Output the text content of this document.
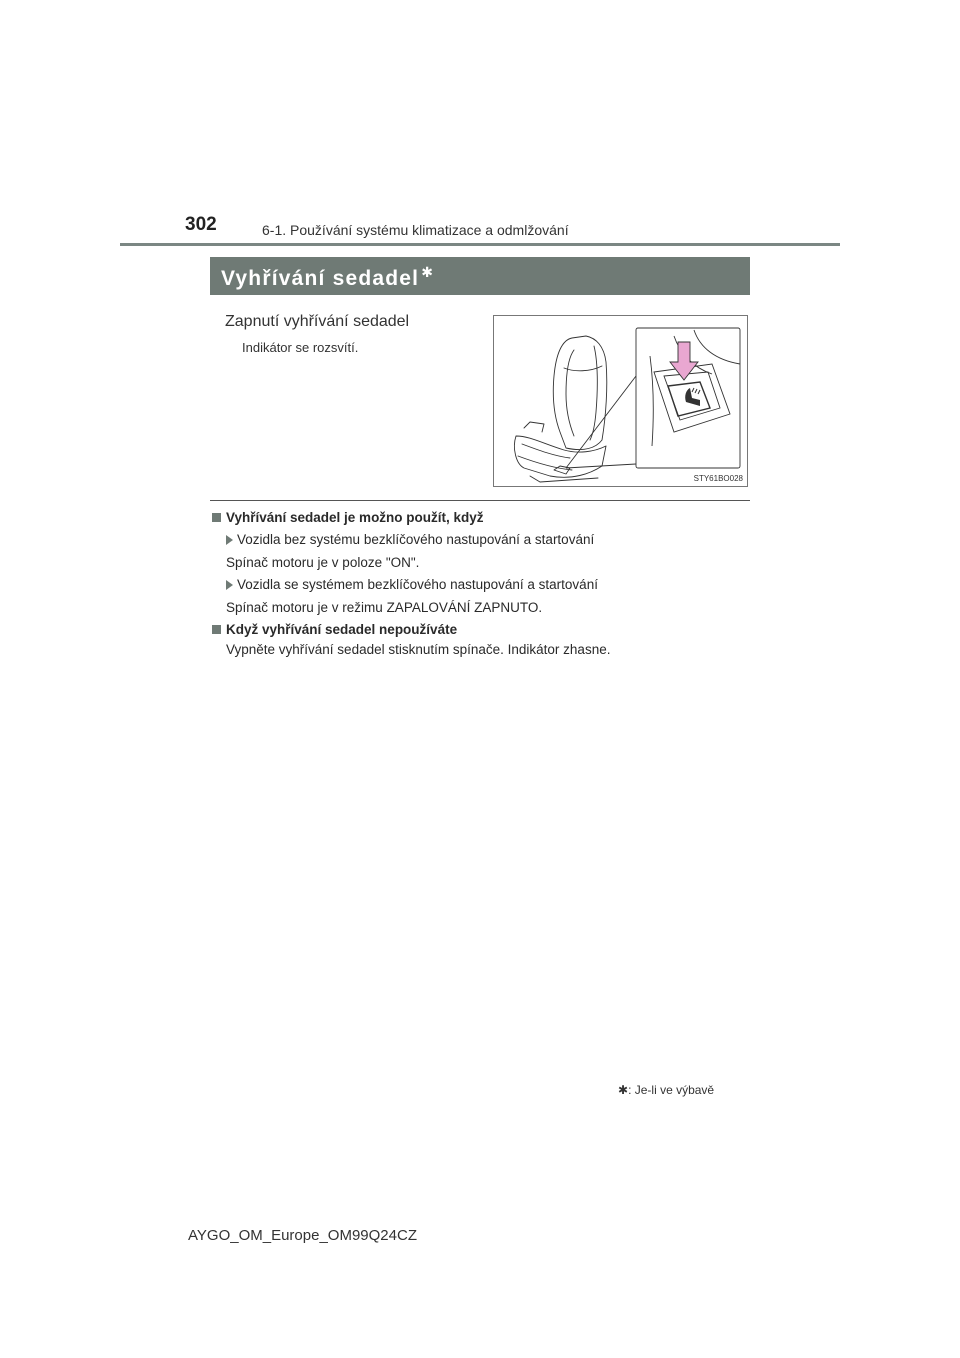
302	6-1. Používání systému klimatizace a odmlžování
Vyhřívání sedadel ✱
Zapnutí vyhřívání sedadel
Indikátor se rozsvítí.
STY61BO028
Vyhřívání sedadel je možno použít, když
Vozidla bez systému bezklíčového nastupování a startování
Spínač motoru je v poloze "ON".
Vozidla se systémem bezklíčového nastupování a startování
Spínač motoru je v režimu ZAPALOVÁNÍ ZAPNUTO.
Když vyhřívání sedadel nepoužíváte
Vypněte vyhřívání sedadel stisknutím spínače. Indikátor zhasne.
✱: Je-li ve výbavě
AYGO_OM_Europe_OM99Q24CZ
